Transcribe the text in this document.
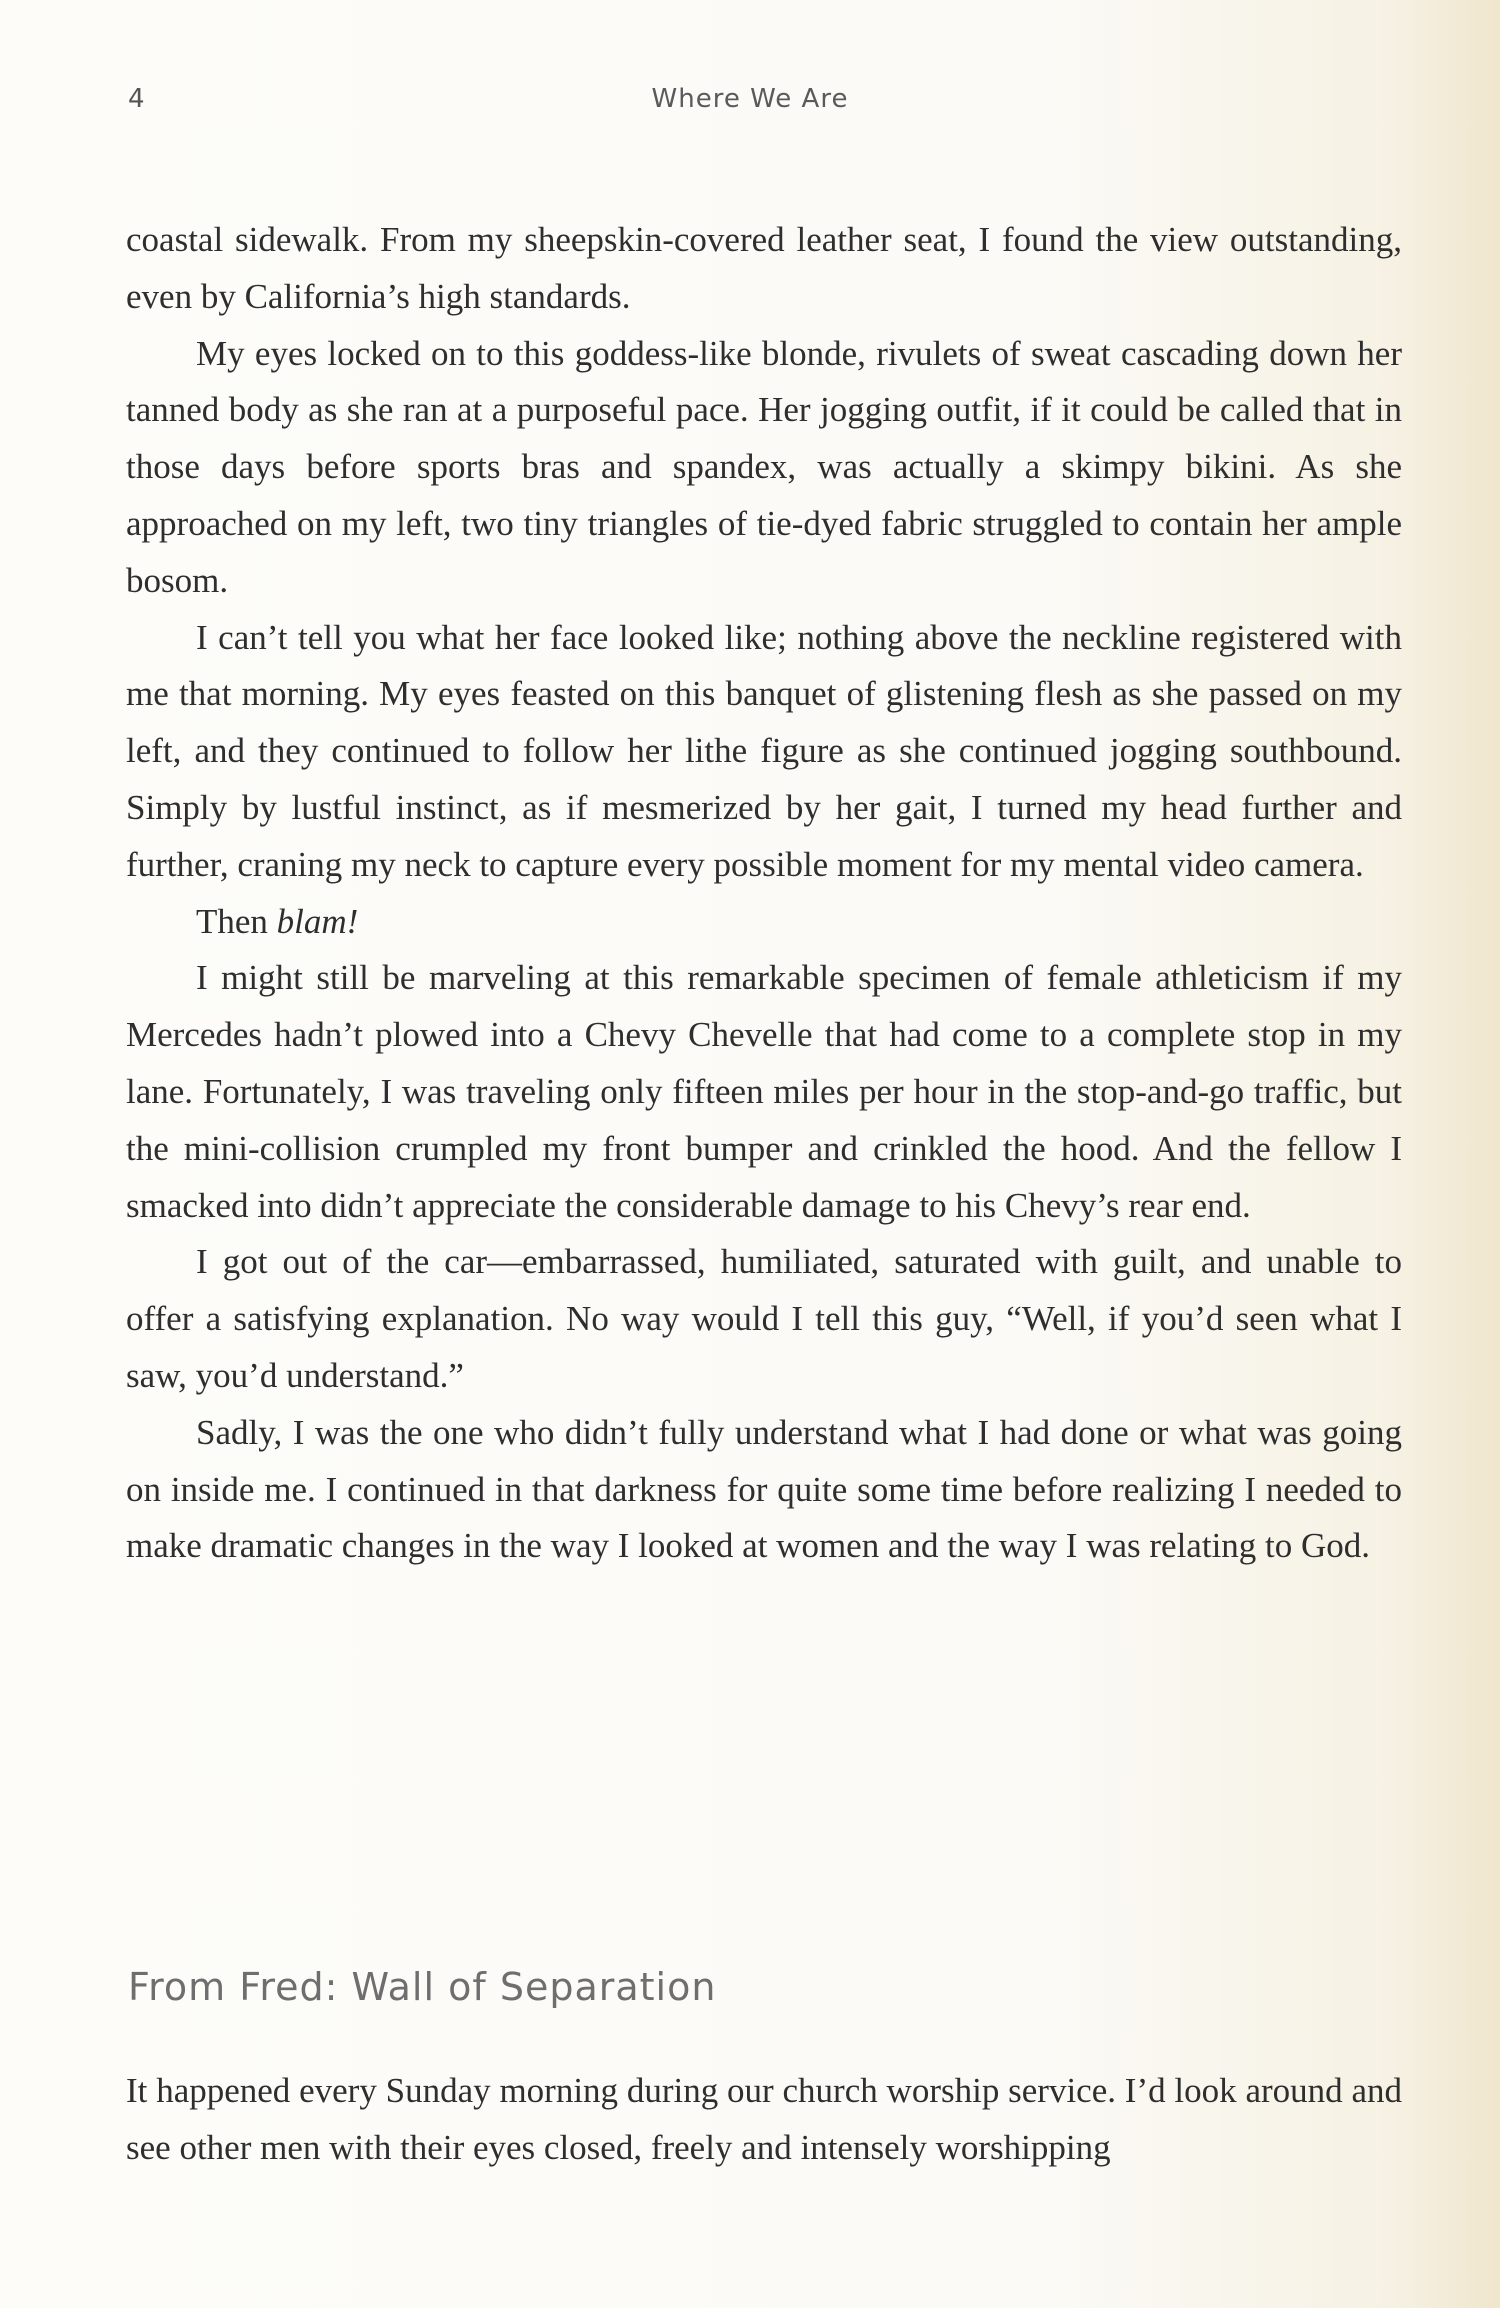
4	Where We Are

coastal sidewalk. From my sheepskin-covered leather seat, I found the view outstanding, even by California’s high standards.

My eyes locked on to this goddess-like blonde, rivulets of sweat cascading down her tanned body as she ran at a purposeful pace. Her jogging outfit, if it could be called that in those days before sports bras and spandex, was actually a skimpy bikini. As she approached on my left, two tiny triangles of tie-dyed fabric struggled to contain her ample bosom.

I can’t tell you what her face looked like; nothing above the neckline registered with me that morning. My eyes feasted on this banquet of glistening flesh as she passed on my left, and they continued to follow her lithe figure as she continued jogging southbound. Simply by lustful instinct, as if mesmerized by her gait, I turned my head further and further, craning my neck to capture every possible moment for my mental video camera.

Then blam!

I might still be marveling at this remarkable specimen of female athleticism if my Mercedes hadn’t plowed into a Chevy Chevelle that had come to a complete stop in my lane. Fortunately, I was traveling only fifteen miles per hour in the stop-and-go traffic, but the mini-collision crumpled my front bumper and crinkled the hood. And the fellow I smacked into didn’t appreciate the considerable damage to his Chevy’s rear end.

I got out of the car—embarrassed, humiliated, saturated with guilt, and unable to offer a satisfying explanation. No way would I tell this guy, “Well, if you’d seen what I saw, you’d understand.”

Sadly, I was the one who didn’t fully understand what I had done or what was going on inside me. I continued in that darkness for quite some time before realizing I needed to make dramatic changes in the way I looked at women and the way I was relating to God.

From Fred: Wall of Separation

It happened every Sunday morning during our church worship service. I’d look around and see other men with their eyes closed, freely and intensely worshipping
